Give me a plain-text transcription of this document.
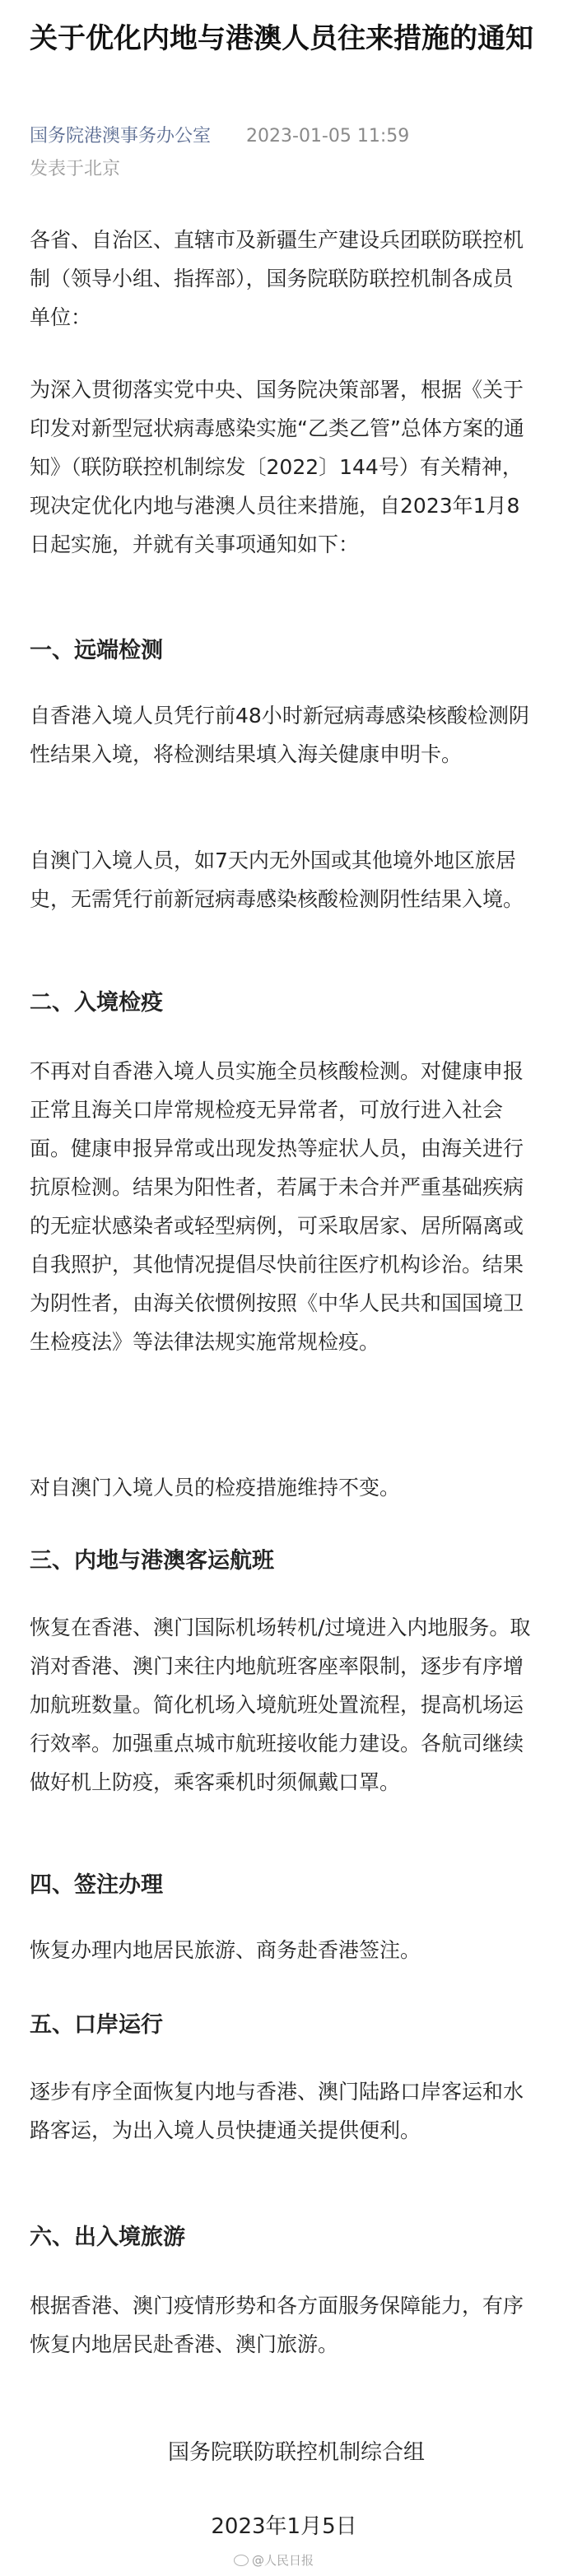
关于优化内地与港澳人员往来措施的通知
国务院港澳事务办公室 2023-01-05 11:59
发表于北京

各省、自治区、直辖市及新疆生产建设兵团联防联控机制（领导小组、指挥部），国务院联防联控机制各成员单位：

为深入贯彻落实党中央、国务院决策部署，根据《关于印发对新型冠状病毒感染实施“乙类乙管”总体方案的通知》（联防联控机制综发〔2022〕144号）有关精神，现决定优化内地与港澳人员往来措施，自2023年1月8日起实施，并就有关事项通知如下：

一、远端检测

自香港入境人员凭行前48小时新冠病毒感染核酸检测阴性结果入境，将检测结果填入海关健康申明卡。

自澳门入境人员，如7天内无外国或其他境外地区旅居史，无需凭行前新冠病毒感染核酸检测阴性结果入境。

二、入境检疫

不再对自香港入境人员实施全员核酸检测。对健康申报正常且海关口岸常规检疫无异常者，可放行进入社会面。健康申报异常或出现发热等症状人员，由海关进行抗原检测。结果为阳性者，若属于未合并严重基础疾病的无症状感染者或轻型病例，可采取居家、居所隔离或自我照护，其他情况提倡尽快前往医疗机构诊治。结果为阴性者，由海关依惯例按照《中华人民共和国国境卫生检疫法》等法律法规实施常规检疫。

对自澳门入境人员的检疫措施维持不变。

三、内地与港澳客运航班

恢复在香港、澳门国际机场转机/过境进入内地服务。取消对香港、澳门来往内地航班客座率限制，逐步有序增加航班数量。简化机场入境航班处置流程，提高机场运行效率。加强重点城市航班接收能力建设。各航司继续做好机上防疫，乘客乘机时须佩戴口罩。

四、签注办理

恢复办理内地居民旅游、商务赴香港签注。

五、口岸运行

逐步有序全面恢复内地与香港、澳门陆路口岸客运和水路客运，为出入境人员快捷通关提供便利。

六、出入境旅游

根据香港、澳门疫情形势和各方面服务保障能力，有序恢复内地居民赴香港、澳门旅游。

国务院联防联控机制综合组
2023年1月5日
@人民日报
